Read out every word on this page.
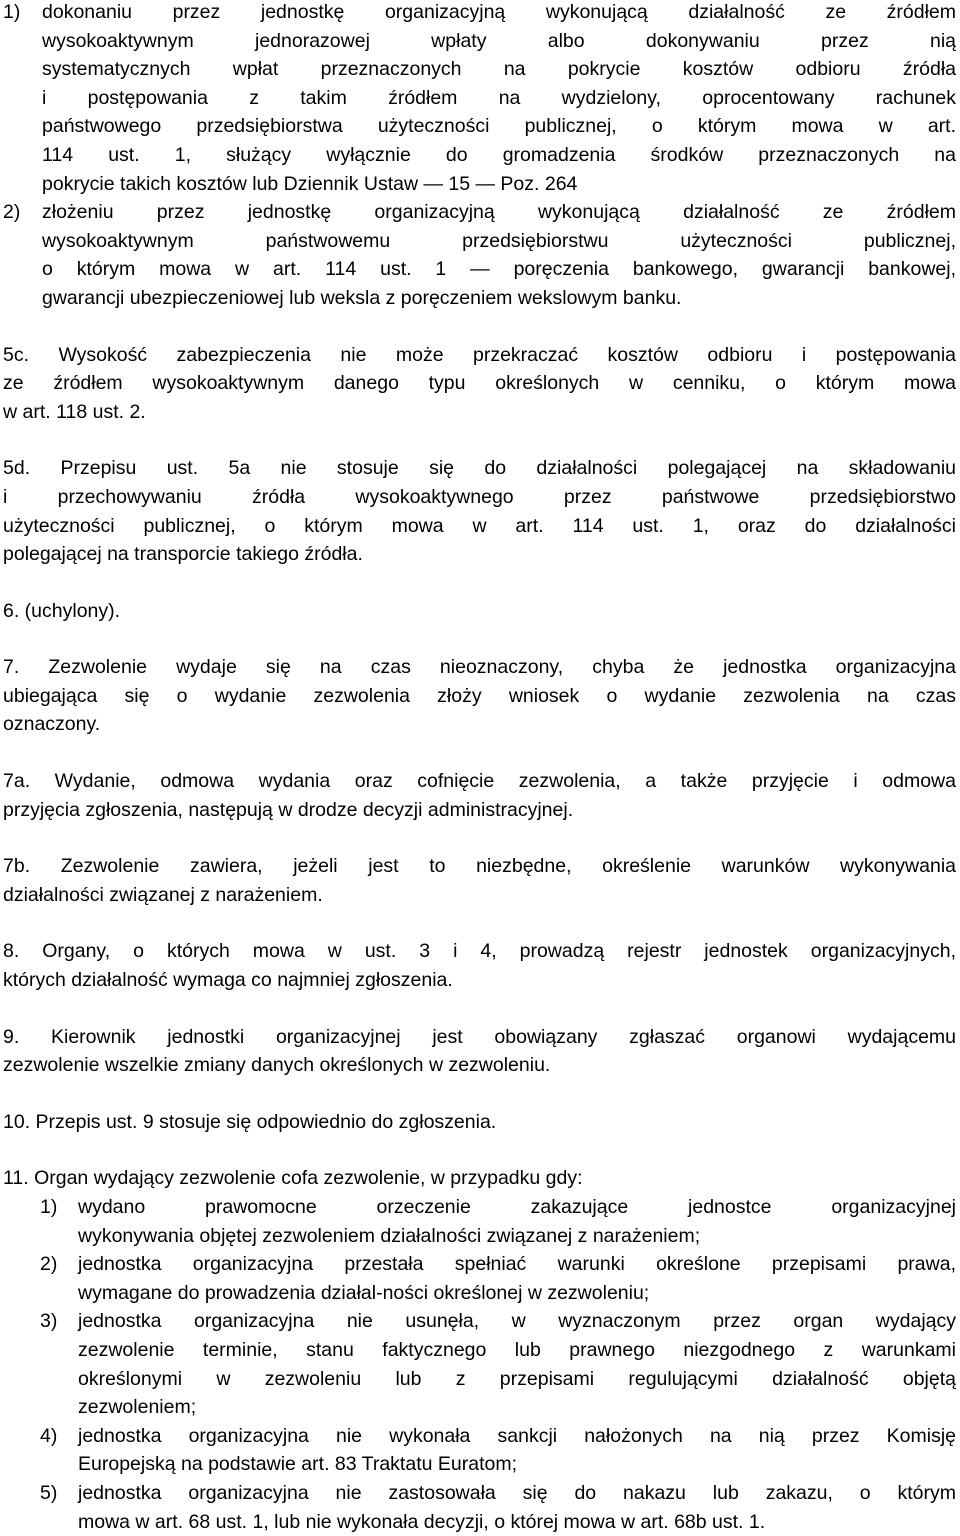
1)	dokonaniu przez jednostkę organizacyjną wykonującą działalność ze źródłem
wysokoaktywnym jednorazowej wpłaty albo dokonywaniu przez nią
systematycznych wpłat przeznaczonych na pokrycie kosztów odbioru źródła
i postępowania z takim źródłem na wydzielony, oprocentowany rachunek
państwowego przedsiębiorstwa użyteczności publicznej, o którym mowa w art.
114 ust. 1, służący wyłącznie do gromadzenia środków przeznaczonych na
pokrycie takich kosztów lub Dziennik Ustaw — 15 — Poz. 264
2)	złożeniu przez jednostkę organizacyjną wykonującą działalność ze źródłem
wysokoaktywnym państwowemu przedsiębiorstwu użyteczności publicznej,
o którym mowa w art. 114 ust. 1 — poręczenia bankowego, gwarancji bankowej,
gwarancji ubezpieczeniowej lub weksla z poręczeniem wekslowym banku.
5c. Wysokość zabezpieczenia nie może przekraczać kosztów odbioru i postępowania
ze źródłem wysokoaktywnym danego typu określonych w cenniku, o którym mowa
w art. 118 ust. 2.
5d. Przepisu ust. 5a nie stosuje się do działalności polegającej na składowaniu
i przechowywaniu źródła wysokoaktywnego przez państwowe przedsiębiorstwo
użyteczności publicznej, o którym mowa w art. 114 ust. 1, oraz do działalności
polegającej na transporcie takiego źródła.
6. (uchylony).
7. Zezwolenie wydaje się na czas nieoznaczony, chyba że jednostka organizacyjna
ubiegająca się o wydanie zezwolenia złoży wniosek o wydanie zezwolenia na czas
oznaczony.
7a. Wydanie, odmowa wydania oraz cofnięcie zezwolenia, a także przyjęcie i odmowa
przyjęcia zgłoszenia, następują w drodze decyzji administracyjnej.
7b. Zezwolenie zawiera, jeżeli jest to niezbędne, określenie warunków wykonywania
działalności związanej z narażeniem.
8. Organy, o których mowa w ust. 3 i 4, prowadzą rejestr jednostek organizacyjnych,
których działalność wymaga co najmniej zgłoszenia.
9. Kierownik jednostki organizacyjnej jest obowiązany zgłaszać organowi wydającemu
zezwolenie wszelkie zmiany danych określonych w zezwoleniu.
10. Przepis ust. 9 stosuje się odpowiednio do zgłoszenia.
11. Organ wydający zezwolenie cofa zezwolenie, w przypadku gdy:
1)	wydano prawomocne orzeczenie zakazujące jednostce organizacyjnej
wykonywania objętej zezwoleniem działalności związanej z narażeniem;
2)	jednostka organizacyjna przestała spełniać warunki określone przepisami prawa,
wymagane do prowadzenia działal-ności określonej w zezwoleniu;
3)	jednostka organizacyjna nie usunęła, w wyznaczonym przez organ wydający
zezwolenie terminie, stanu faktycznego lub prawnego niezgodnego z warunkami
określonymi w zezwoleniu lub z przepisami regulującymi działalność objętą
zezwoleniem;
4)	jednostka organizacyjna nie wykonała sankcji nałożonych na nią przez Komisję
Europejską na podstawie art. 83 Traktatu Euratom;
5)	jednostka organizacyjna nie zastosowała się do nakazu lub zakazu, o którym
mowa w art. 68 ust. 1, lub nie wykonała decyzji, o której mowa w art. 68b ust. 1.
